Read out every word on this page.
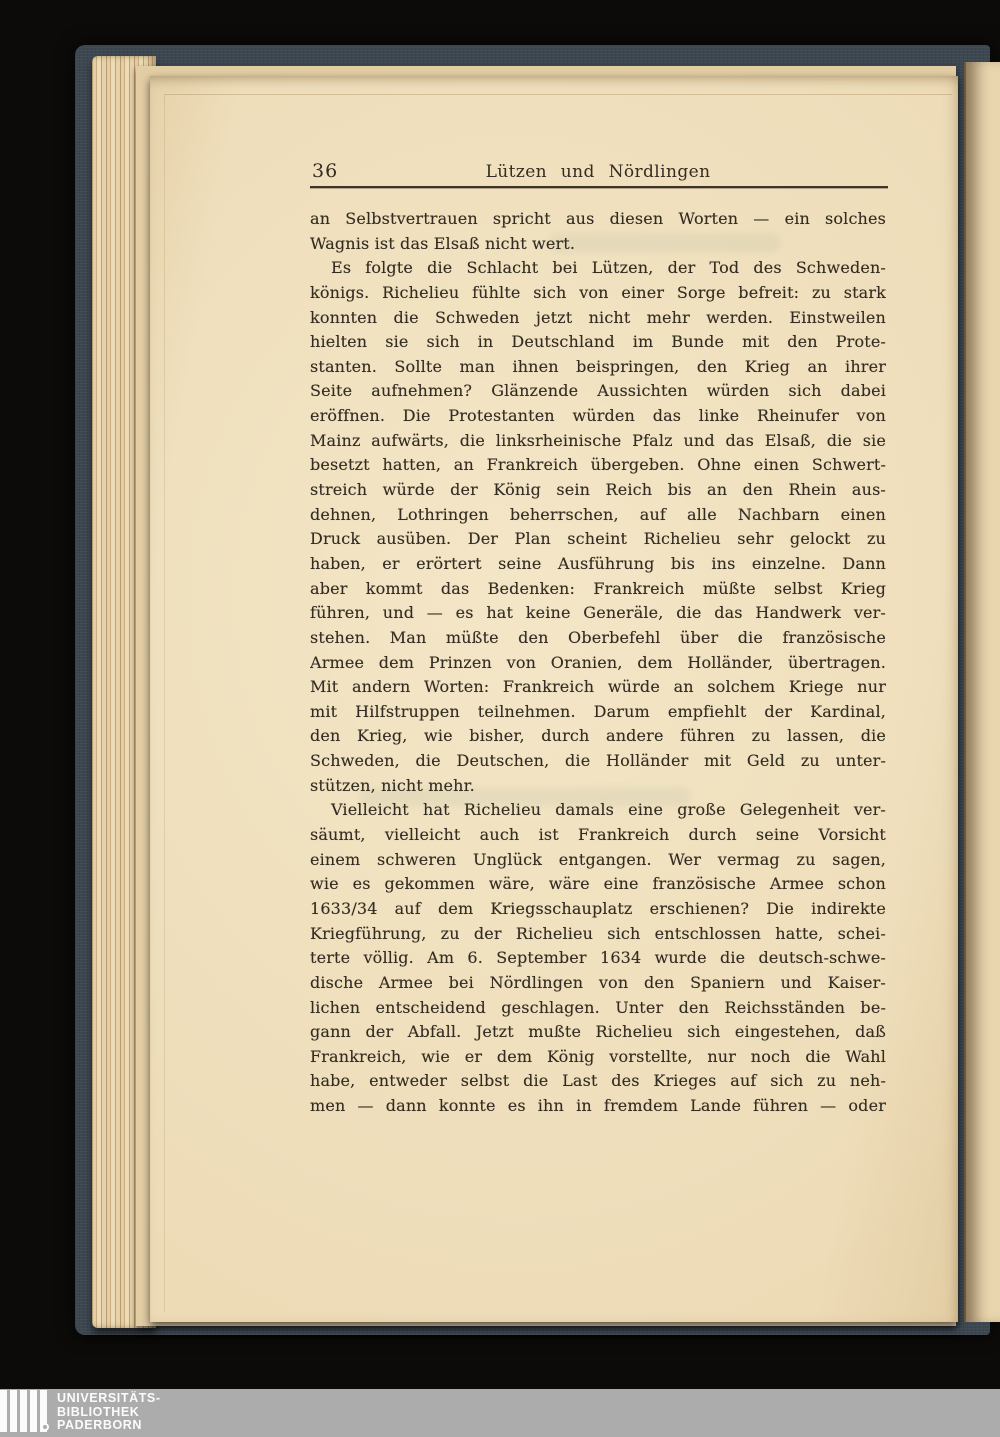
36	Lützen und Nördlingen
an Selbstvertrauen spricht aus diesen Worten — ein solches
Wagnis ist das Elsaß nicht wert.
Es folgte die Schlacht bei Lützen, der Tod des Schweden-
königs. Richelieu fühlte sich von einer Sorge befreit: zu stark
konnten die Schweden jetzt nicht mehr werden. Einstweilen
hielten sie sich in Deutschland im Bunde mit den Prote-
stanten. Sollte man ihnen beispringen, den Krieg an ihrer
Seite aufnehmen? Glänzende Aussichten würden sich dabei
eröffnen. Die Protestanten würden das linke Rheinufer von
Mainz aufwärts, die linksrheinische Pfalz und das Elsaß, die sie
besetzt hatten, an Frankreich übergeben. Ohne einen Schwert-
streich würde der König sein Reich bis an den Rhein aus-
dehnen, Lothringen beherrschen, auf alle Nachbarn einen
Druck ausüben. Der Plan scheint Richelieu sehr gelockt zu
haben, er erörtert seine Ausführung bis ins einzelne. Dann
aber kommt das Bedenken: Frankreich müßte selbst Krieg
führen, und — es hat keine Generäle, die das Handwerk ver-
stehen. Man müßte den Oberbefehl über die französische
Armee dem Prinzen von Oranien, dem Holländer, übertragen.
Mit andern Worten: Frankreich würde an solchem Kriege nur
mit Hilfstruppen teilnehmen. Darum empfiehlt der Kardinal,
den Krieg, wie bisher, durch andere führen zu lassen, die
Schweden, die Deutschen, die Holländer mit Geld zu unter-
stützen, nicht mehr.
Vielleicht hat Richelieu damals eine große Gelegenheit ver-
säumt, vielleicht auch ist Frankreich durch seine Vorsicht
einem schweren Unglück entgangen. Wer vermag zu sagen,
wie es gekommen wäre, wäre eine französische Armee schon
1633/34 auf dem Kriegsschauplatz erschienen? Die indirekte
Kriegführung, zu der Richelieu sich entschlossen hatte, schei-
terte völlig. Am 6. September 1634 wurde die deutsch-schwe-
dische Armee bei Nördlingen von den Spaniern und Kaiser-
lichen entscheidend geschlagen. Unter den Reichsständen be-
gann der Abfall. Jetzt mußte Richelieu sich eingestehen, daß
Frankreich, wie er dem König vorstellte, nur noch die Wahl
habe, entweder selbst die Last des Krieges auf sich zu neh-
men — dann konnte es ihn in fremdem Lande führen — oder
UNIVERSITÄTS-
BIBLIOTHEK
PADERBORN
